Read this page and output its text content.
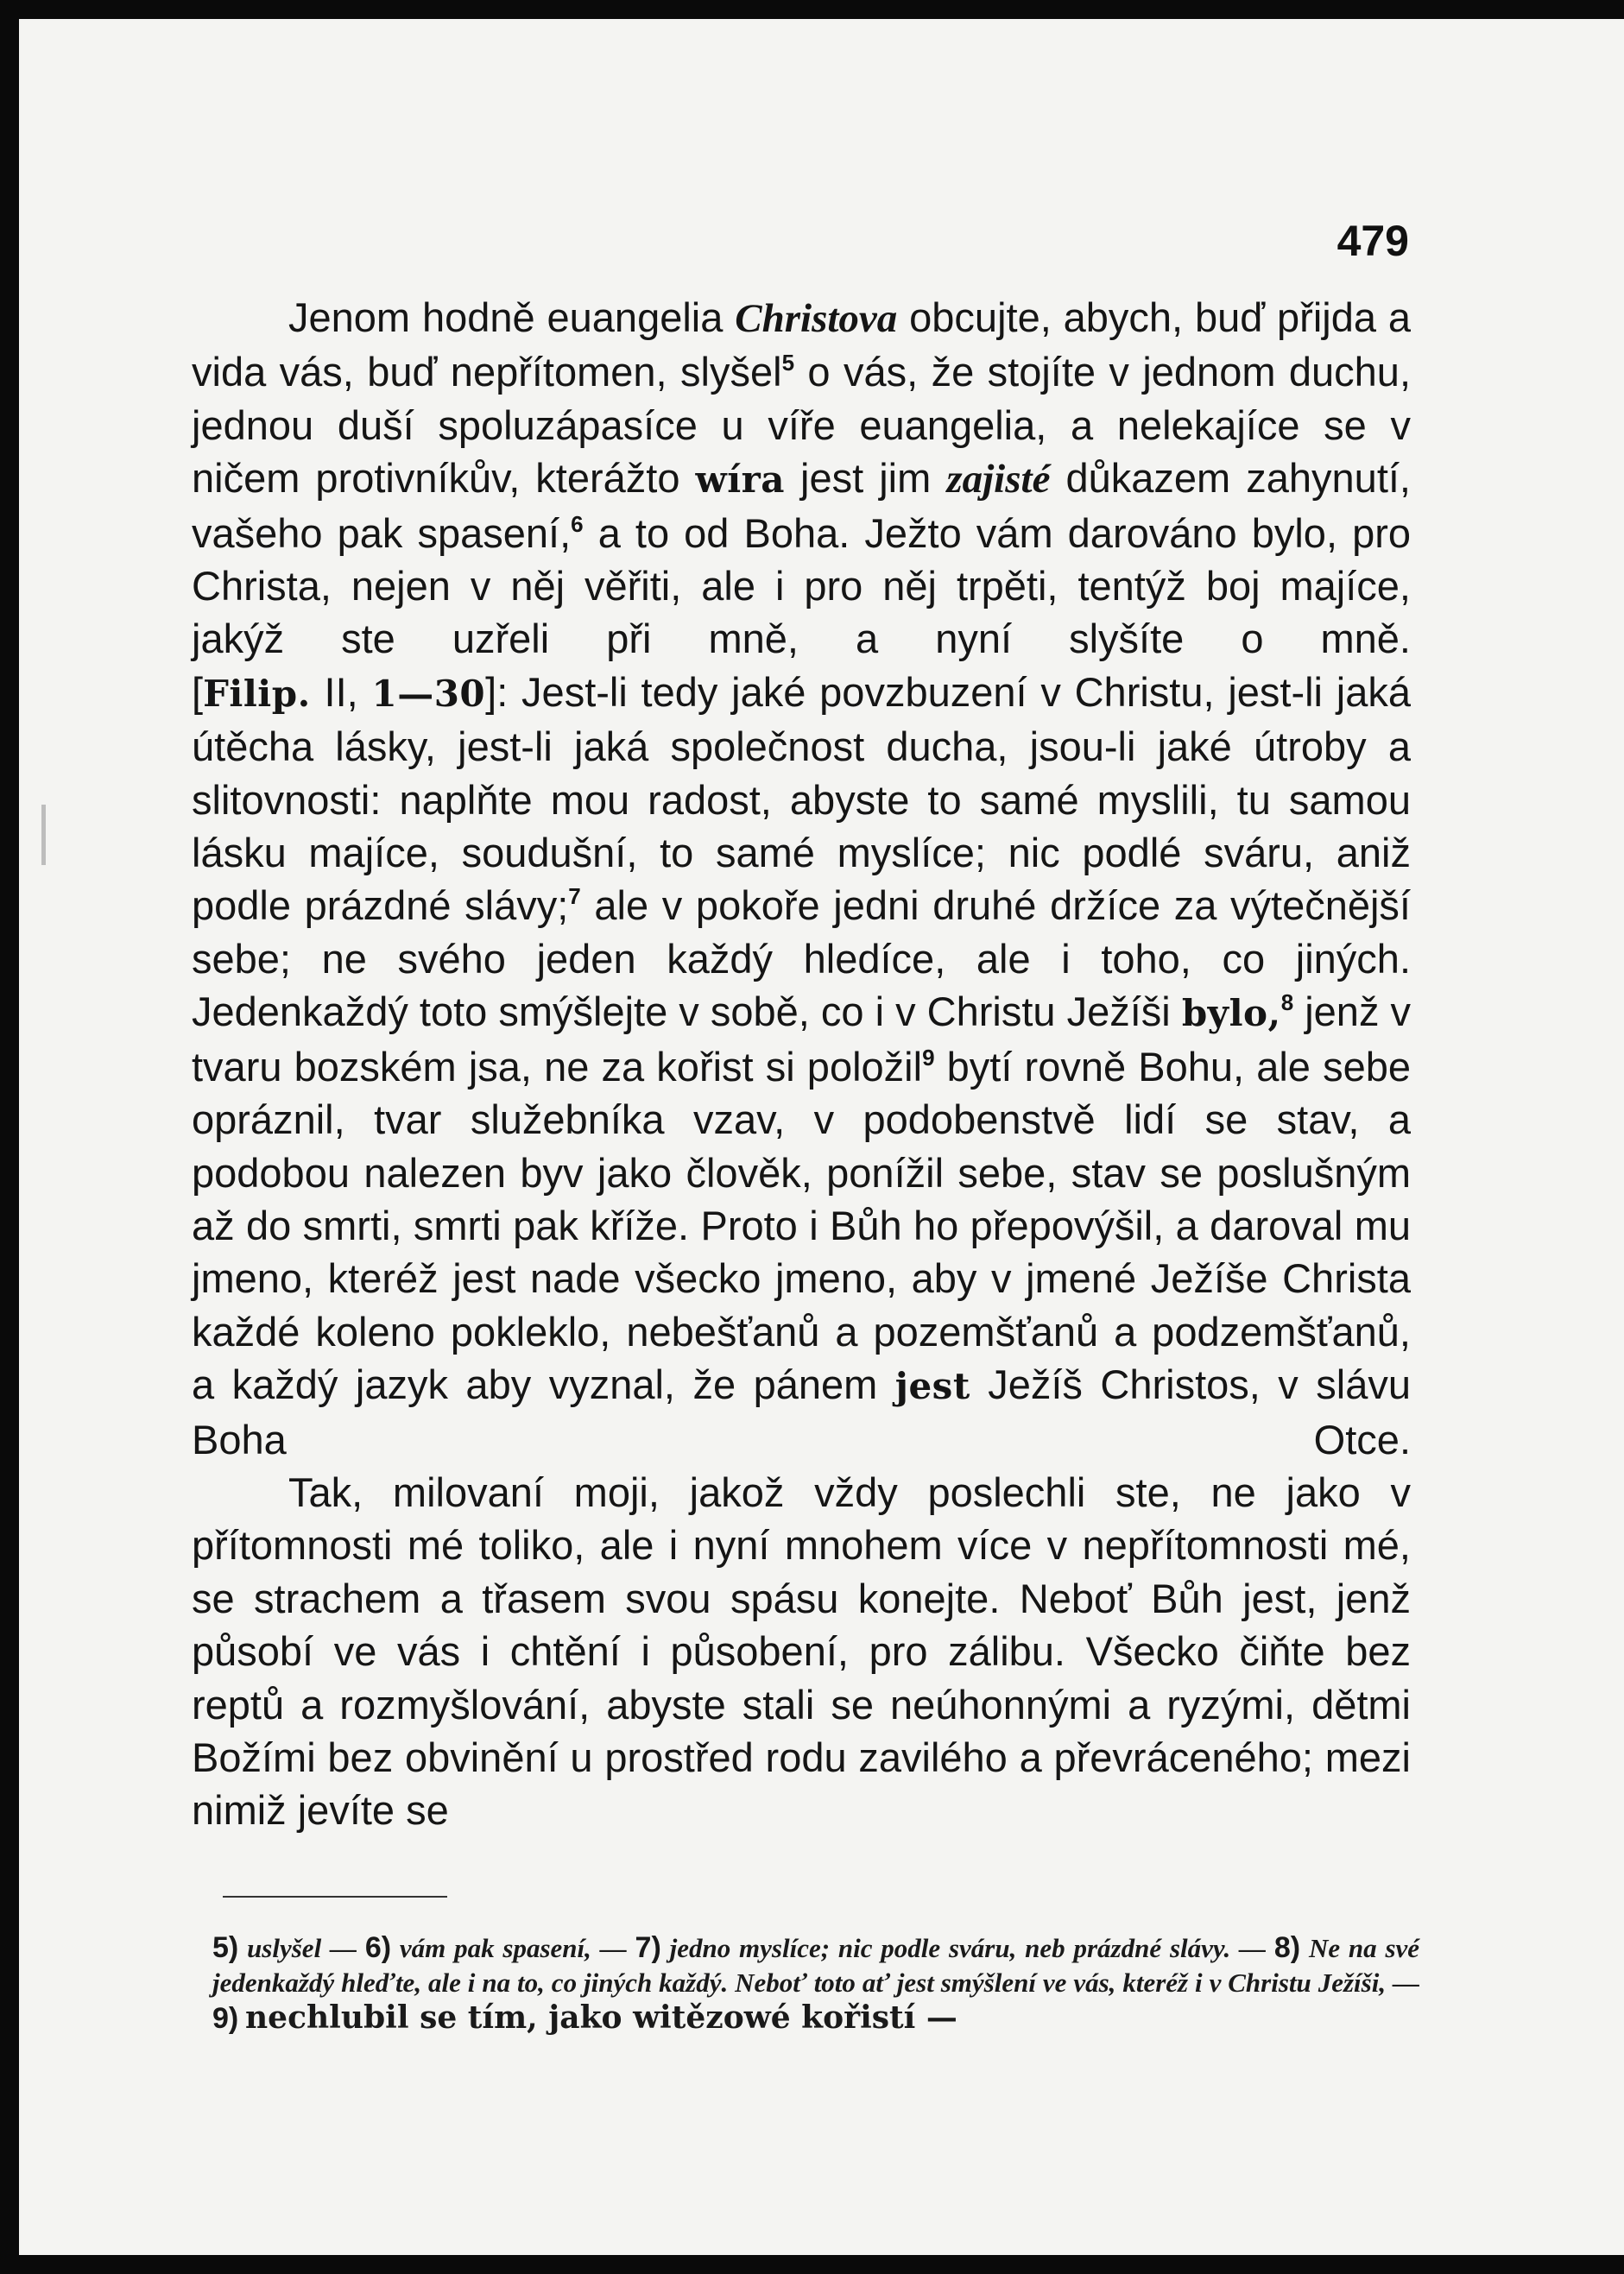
479

Jenom hodně euangelia Christova obcujte, abych, buď přijda a vida vás, buď nepřítomen, slyšel$^5$ o vás, že stojíte v jednom duchu, jednou duší spoluzápasíce u víře euangelia, a nelekajíce se v ničem protivníkův, kterážto wíra jest jim zajisté důkazem zahynutí, vašeho pak spasení,$^6$ a to od Boha. Ježto vám darováno bylo, pro Christa, nejen v něj věřiti, ale i pro něj trpěti, tentýž boj majíce, jakýž ste uzřeli při mně, a nyní slyšíte o mně.

[Filip. II, 1—30]: Jest-li tedy jaké povzbuzení v Christu, jest-li jaká útěcha lásky, jest-li jaká společnost ducha, jsou-li jaké útroby a slitovnosti: naplňte mou radost, abyste to samé myslili, tu samou lásku majíce, soudušní, to samé myslíce; nic podlé sváru, aniž podle prázdné slávy;$^7$ ale v pokoře jedni druhé držíce za výtečnější sebe; ne svého jeden každý hledíce, ale i toho, co jiných. Jedenkaždý toto smýšlejte v sobě, co i v Christu Ježíši bylo,$^8$ jenž v tvaru bozském jsa, ne za kořist si položil$^9$ bytí rovně Bohu, ale sebe opráznil, tvar služebníka vzav, v podobenstvě lidí se stav, a podobou nalezen byv jako člověk, ponížil sebe, stav se poslušným až do smrti, smrti pak kříže. Proto i Bůh ho přepovýšil, a daroval mu jmeno, kteréž jest nade všecko jmeno, aby v jmené Ježíše Christa každé koleno pokleklo, nebešťanů a pozemšťanů a podzemšťanů, a každý jazyk aby vyznal, že pánem jest Ježíš Christos, v slávu Boha Otce.

Tak, milovaní moji, jakož vždy poslechli ste, ne jako v přítomnosti mé toliko, ale i nyní mnohem více v nepřítomnosti mé, se strachem a třasem svou spásu konejte. Neboť Bůh jest, jenž působí ve vás i chtění i působení, pro zálibu. Všecko čiňte bez reptů a rozmyšlování, abyste stali se neúhonnými a ryzými, dětmi Božími bez obvinění u prostřed rodu zavilého a převráceného; mezi nimiž jevíte se

5) uslyšel — 6) vám pak spasení, — 7) jedno myslíce; nic podle sváru, neb prázdné slávy. — 8) Ne na své jedenkaždý hleďte, ale i na to, co jiných každý. Neboť toto ať jest smýšlení ve vás, kteréž i v Christu Ježíši, — 9) nechlubil se tím, jako witězowé kořistí —
